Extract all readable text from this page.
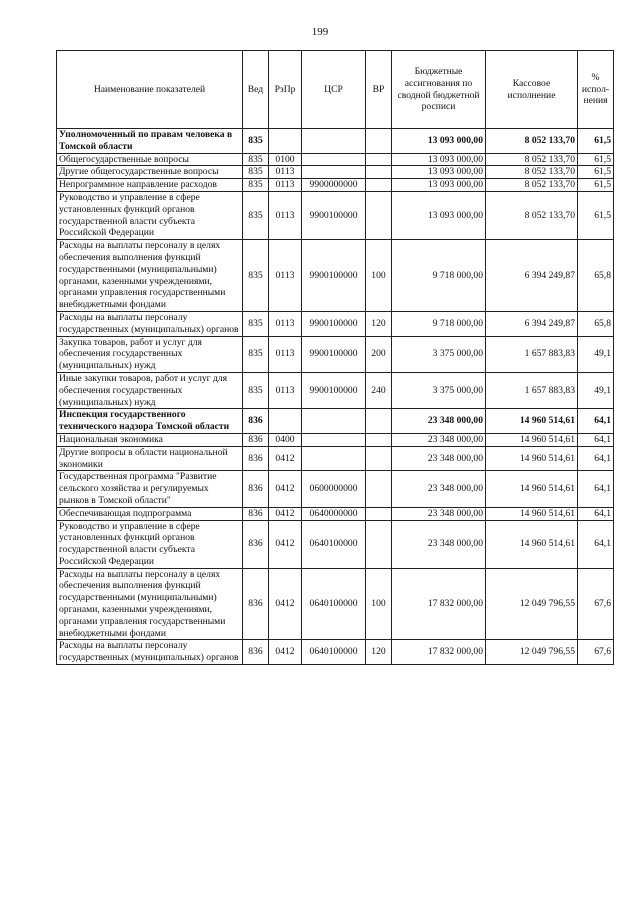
199
Наименование показателей	Вед	РзПр	ЦСР	ВР	Бюджетные ассигнования по сводной бюджетной росписи	Кассовое исполнение	% испол-нения
Уполномоченный по правам человека в Томской области	835				13 093 000,00	8 052 133,70	61,5
Общегосударственные вопросы	835	0100			13 093 000,00	8 052 133,70	61,5
Другие общегосударственные вопросы	835	0113			13 093 000,00	8 052 133,70	61,5
Непрограммное направление расходов	835	0113	9900000000		13 093 000,00	8 052 133,70	61,5
Руководство и управление в сфере установленных функций органов государственной власти субъекта Российской Федерации	835	0113	9900100000		13 093 000,00	8 052 133,70	61,5
Расходы на выплаты персоналу в целях обеспечения выполнения функций государственными (муниципальными) органами, казенными учреждениями, органами управления государственными внебюджетными фондами	835	0113	9900100000	100	9 718 000,00	6 394 249,87	65,8
Расходы на выплаты персоналу государственных (муниципальных) органов	835	0113	9900100000	120	9 718 000,00	6 394 249,87	65,8
Закупка товаров, работ и услуг для обеспечения государственных (муниципальных) нужд	835	0113	9900100000	200	3 375 000,00	1 657 883,83	49,1
Иные закупки товаров, работ и услуг для обеспечения государственных (муниципальных) нужд	835	0113	9900100000	240	3 375 000,00	1 657 883,83	49,1
Инспекция государственного технического надзора Томской области	836				23 348 000,00	14 960 514,61	64,1
Национальная экономика	836	0400			23 348 000,00	14 960 514,61	64,1
Другие вопросы в области национальной экономики	836	0412			23 348 000,00	14 960 514,61	64,1
Государственная программа "Развитие сельского хозяйства и регулируемых рынков в Томской области"	836	0412	0600000000		23 348 000,00	14 960 514,61	64,1
Обеспечивающая подпрограмма	836	0412	0640000000		23 348 000,00	14 960 514,61	64,1
Руководство и управление в сфере установленных функций органов государственной власти субъекта Российской Федерации	836	0412	0640100000		23 348 000,00	14 960 514,61	64,1
Расходы на выплаты персоналу в целях обеспечения выполнения функций государственными (муниципальными) органами, казенными учреждениями, органами управления государственными внебюджетными фондами	836	0412	0640100000	100	17 832 000,00	12 049 796,55	67,6
Расходы на выплаты персоналу государственных (муниципальных) органов	836	0412	0640100000	120	17 832 000,00	12 049 796,55	67,6
